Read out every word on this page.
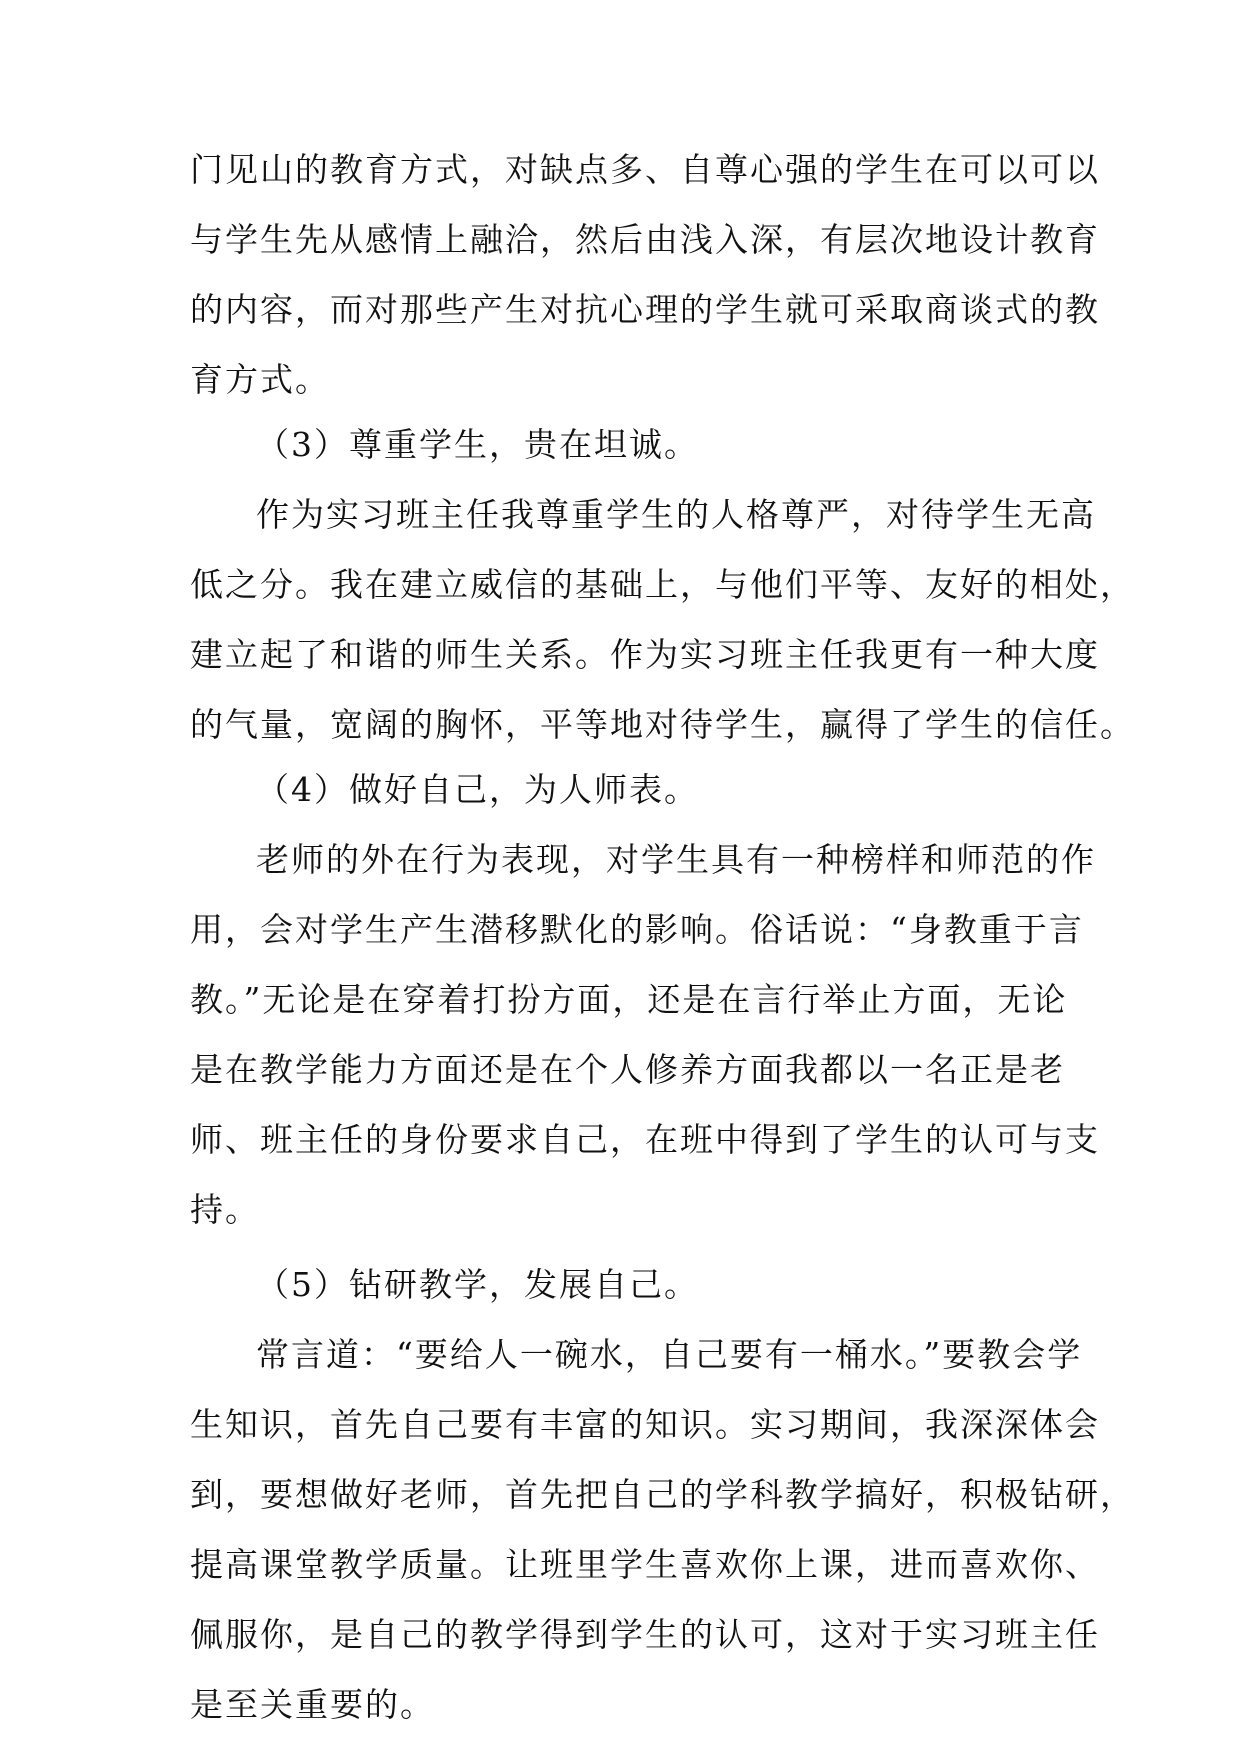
门见山的教育方式，对缺点多、自尊心强的学生在可以可以
与学生先从感情上融洽，然后由浅入深，有层次地设计教育
的内容，而对那些产生对抗心理的学生就可采取商谈式的教
育方式。
（3）尊重学生，贵在坦诚。
作为实习班主任我尊重学生的人格尊严，对待学生无高
低之分。我在建立威信的基础上，与他们平等、友好的相处，
建立起了和谐的师生关系。作为实习班主任我更有一种大度
的气量，宽阔的胸怀，平等地对待学生，赢得了学生的信任。
（4）做好自己，为人师表。
老师的外在行为表现，对学生具有一种榜样和师范的作
用，会对学生产生潜移默化的影响。俗话说：“身教重于言
教。”无论是在穿着打扮方面，还是在言行举止方面，无论
是在教学能力方面还是在个人修养方面我都以一名正是老
师、班主任的身份要求自己，在班中得到了学生的认可与支
持。
（5）钻研教学，发展自己。
常言道：“要给人一碗水，自己要有一桶水。”要教会学
生知识，首先自己要有丰富的知识。实习期间，我深深体会
到，要想做好老师，首先把自己的学科教学搞好，积极钻研，
提高课堂教学质量。让班里学生喜欢你上课，进而喜欢你、
佩服你，是自己的教学得到学生的认可，这对于实习班主任
是至关重要的。
